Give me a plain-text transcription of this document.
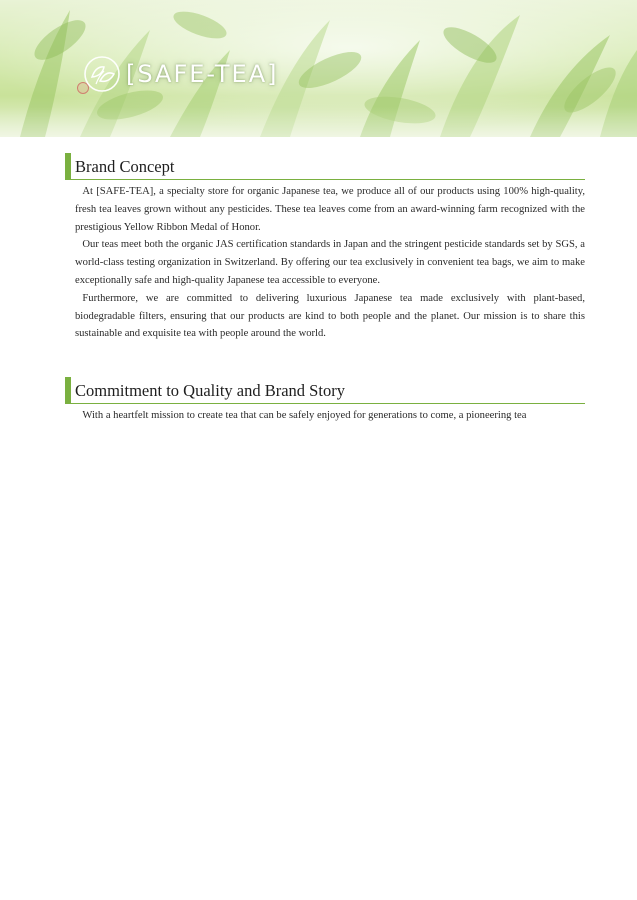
[SAFE-TEA]
Brand Concept

At [SAFE-TEA], a specialty store for organic Japanese tea, we produce all of our products using 100% high-quality, fresh tea leaves grown without any pesticides. These tea leaves come from an award-winning farm recognized with the prestigious Yellow Ribbon Medal of Honor.

Our teas meet both the organic JAS certification standards in Japan and the stringent pesticide standards set by SGS, a world-class testing organization in Switzerland. By offering our tea exclusively in convenient tea bags, we aim to make exceptionally safe and high-quality Japanese tea accessible to everyone.

Furthermore, we are committed to delivering luxurious Japanese tea made exclusively with plant-based, biodegradable filters, ensuring that our products are kind to both people and the planet. Our mission is to share this sustainable and exquisite tea with people around the world.

Commitment to Quality and Brand Story

With a heartfelt mission to create tea that can be safely enjoyed for generations to come, a pioneering tea
